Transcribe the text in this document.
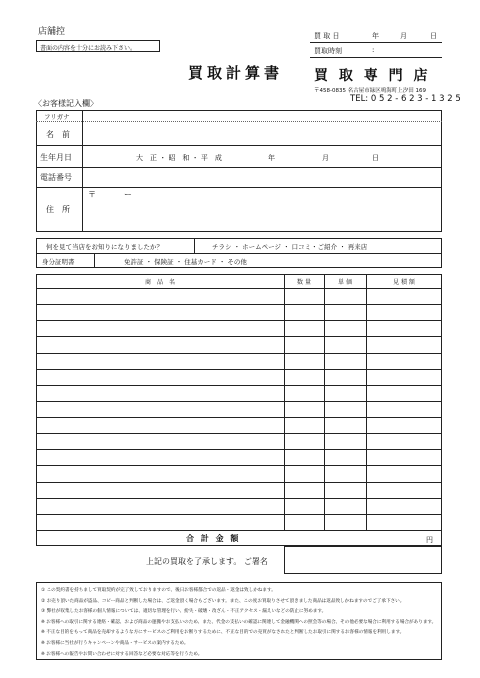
店舗控
書面の内容を十分にお読み下さい。
買取計算書
買 取 日	年	月	日
買取時刻	:
買 取 専 門 店
〒458-0835 名古屋市緑区鳴海町上汐田 169
TEL: 0 5 2 - 6 2 3 - 1 3 2 5
〈お客様記入欄〉
フリガナ
名　前
生年月日	大　正 ・ 昭　和 ・ 平　成	年	月	日
電話番号
住　所
〒	ー
何を見て当店をお知りになりましたか？	チラシ ・ ホームページ ・ 口コミ・ご紹介 ・ 再来店
身分証明書	免許証 ・ 保険証 ・ 住基カード ・ その他
商　品　名	数 量	単 価	見 積 額
合 計 金 額	円
上記の買取を了承します。 ご署名
① この契約書を持ちまして買取契約が完了致しておりますので、後日お客様都合での返品・返金は致しかねます。
② お売り頂いた商品が盗品、コピー商品と判断した場合は、ご返金頂く場合もございます。また、この度お買取りさせて頂きました商品は返品致しかねますのでご了承下さい。
③ 弊社が収集したお客様の個人情報については、適切な管理を行い、紛失・破壊・改ざん・不正アクセス・漏えいなどの防止に努めます。
※ お客様への取引に関する連絡・確認、および商品の運搬やお支払いのため、また、代金の支払いの確認に関連して金融機関への照会等の場合、その他必要な場合に利用する場合があります。
※ 不正な目的をもって商品を売却するような方にサービスのご利用をお断りするために、不正な目的での売買がなされたと判断したお取引に関するお客様の情報を利用します。
※ お客様に当社が行うキャンペーンや商品・サービスの案内するため。
※ お客様への報告やお問い合わせに対する回答など必要な対応等を行うため。
